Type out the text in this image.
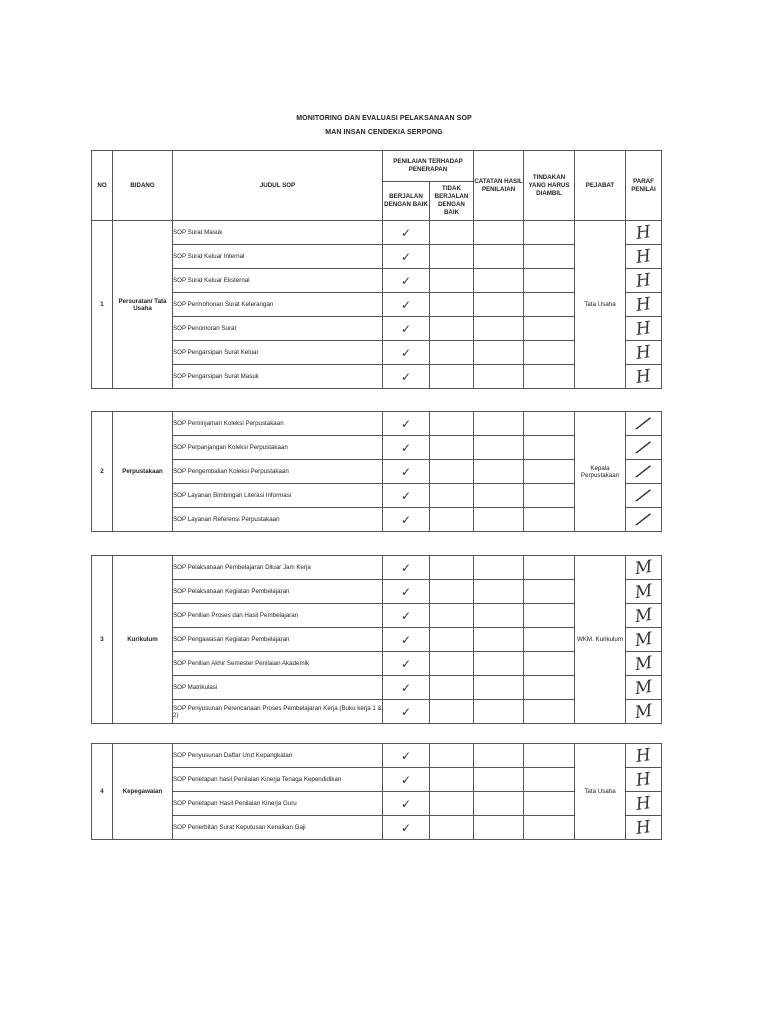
MONITORING DAN EVALUASI PELAKSANAAN SOP
MAN INSAN CENDEKIA SERPONG
NO	BIDANG	JUDUL SOP	PENILAIAN TERHADAP PENERAPAN		CATATAN HASIL PENILAIAN	TINDAKAN YANG HARUS DIAMBIL	PEJABAT	PARAF PENILAI
			BERJALAN DENGAN BAIK	TIDAK BERJALAN DENGAN BAIK				
1	Persuratan/ Tata Usaha	SOP Surat Masuk	✓				Tata Usaha	H
		SOP Surat Keluar Internal	✓					H
		SOP Surat Keluar Eksternal	✓					H
		SOP Permohonan Surat Keterangan	✓					H
		SOP Penomoran Surat	✓					H
		SOP Pengarsipan Surat Keluar	✓					H
		SOP Pengarsipan Surat Masuk	✓					H
2	Perpustakaan	SOP Peminjaman Koleksi Perpustakaan	✓				Kepala Perpustakaan	/
		SOP Perpanjangan Koleksi Perpustakaan	✓					/
		SOP Pengembalian Koleksi Perpustakaan	✓					/
		SOP Layanan Bimbingan Literasi Informasi	✓					/
		SOP Layanan Referensi Perpustakaan	✓					/
3	Kurikulum	SOP Pelaksanaan Pembelajaran Diluar Jam Kerja	✓				WKM. Kurikulum	M
		SOP Pelaksanaan Kegiatan Pembelajaran	✓					M
		SOP Penilian Proses dan Hasil Pembelajaran	✓					M
		SOP Pengawasan Kegiatan Pembelajaran	✓					M
		SOP Penilian Akhir Semester Penilaian Akademik	✓					M
		SOP Matrikulasi	✓					M
		SOP Penyusunan Perencanaan Proses Pembelajaran Kerja (Buku kerja 1 & 2)	✓					M
4	Kepegawaian	SOP Penyusunan Daftar Urut Kepangkatan	✓				Tata Usaha	H
		SOP Penetapan hasil Penilaian Kinerja Tenaga Kependidikan	✓					H
		SOP Penetapan Hasil Penilaian Kinerja Guru	✓					H
		SOP Penerbitan Surat Keputusan Kenaikan Gaji	✓					H
